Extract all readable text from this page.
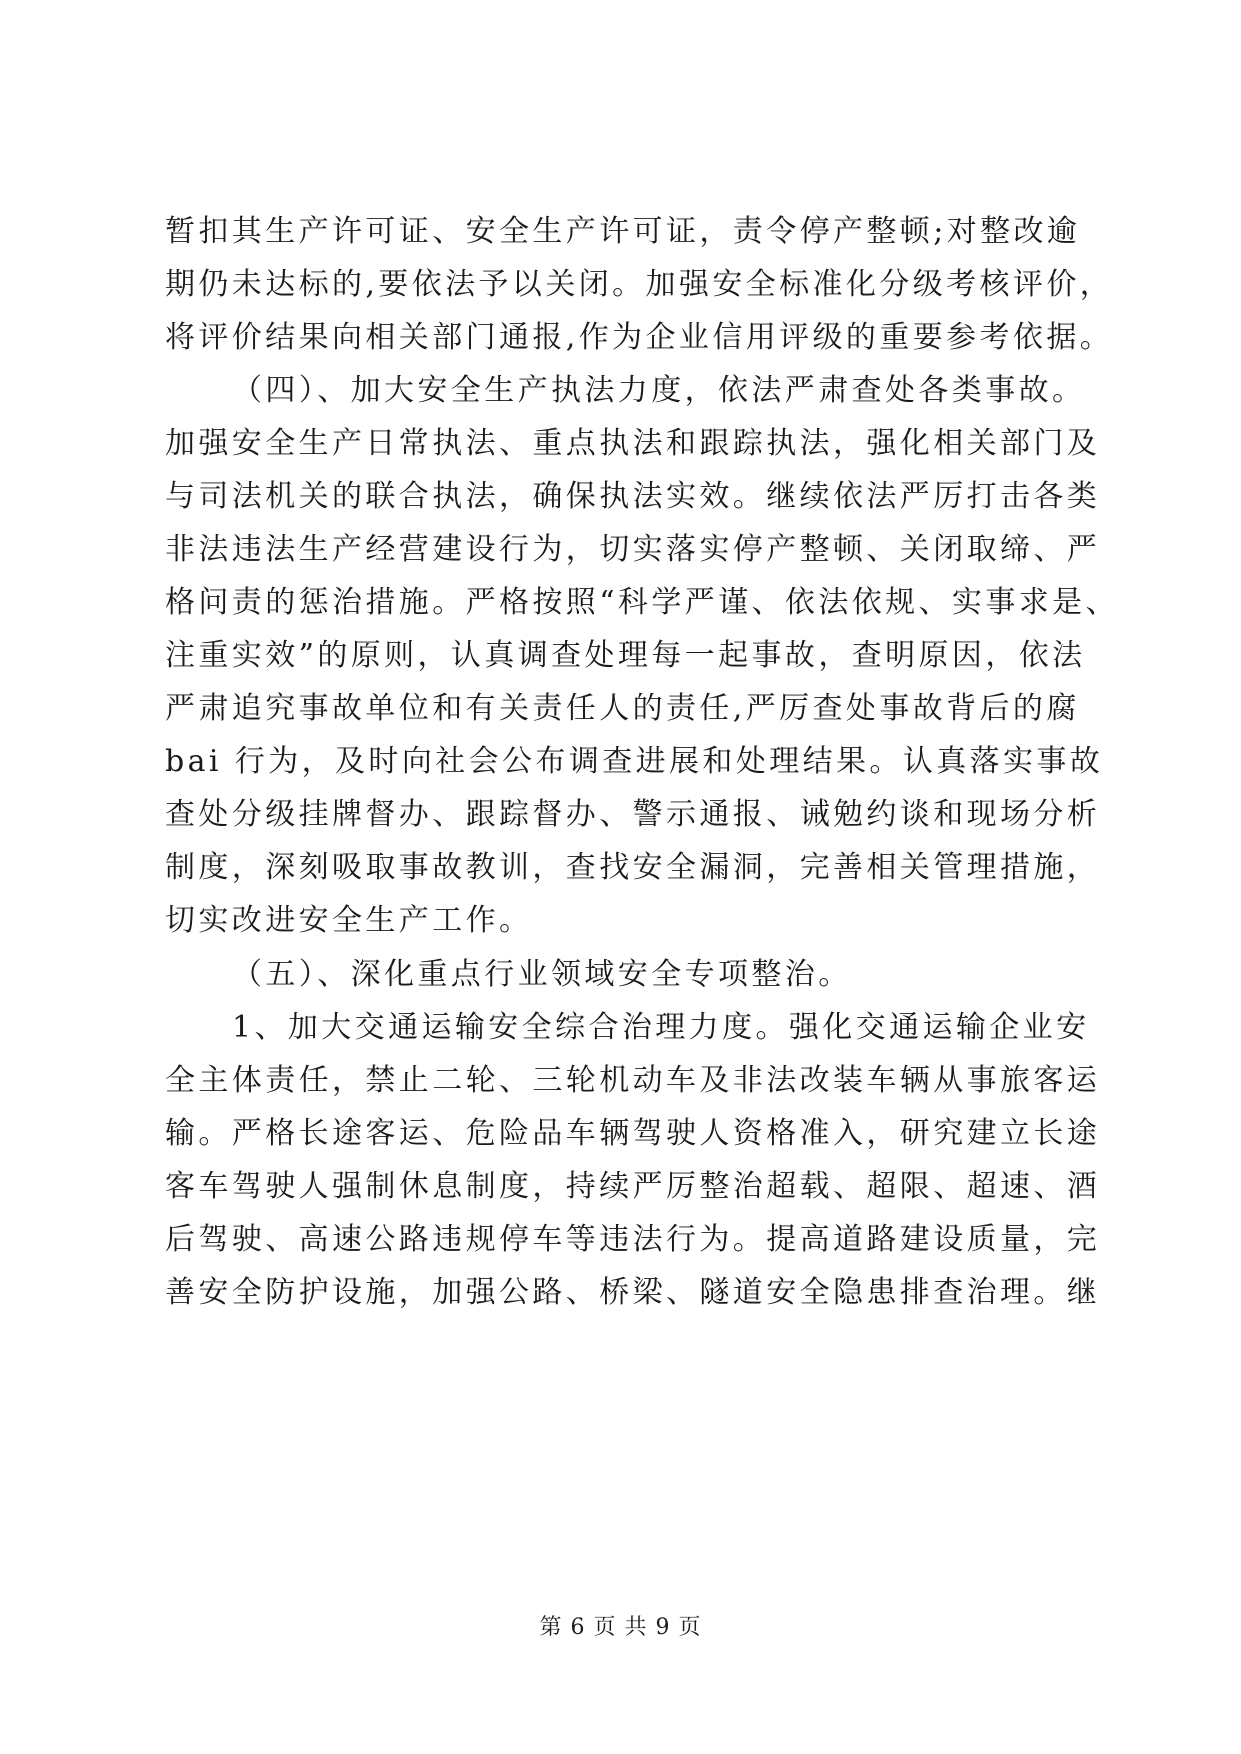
暂扣其生产许可证、安全生产许可证，责令停产整顿;对整改逾
期仍未达标的,要依法予以关闭。加强安全标准化分级考核评价，
将评价结果向相关部门通报,作为企业信用评级的重要参考依据。
（四）、加大安全生产执法力度，依法严肃查处各类事故。
加强安全生产日常执法、重点执法和跟踪执法，强化相关部门及
与司法机关的联合执法，确保执法实效。继续依法严厉打击各类
非法违法生产经营建设行为，切实落实停产整顿、关闭取缔、严
格问责的惩治措施。严格按照“科学严谨、依法依规、实事求是、
注重实效”的原则，认真调查处理每一起事故，查明原因，依法
严肃追究事故单位和有关责任人的责任,严厉查处事故背后的腐
bai 行为，及时向社会公布调查进展和处理结果。认真落实事故
查处分级挂牌督办、跟踪督办、警示通报、诫勉约谈和现场分析
制度，深刻吸取事故教训，查找安全漏洞，完善相关管理措施，
切实改进安全生产工作。
（五）、深化重点行业领域安全专项整治。
1、加大交通运输安全综合治理力度。强化交通运输企业安
全主体责任，禁止二轮、三轮机动车及非法改装车辆从事旅客运
输。严格长途客运、危险品车辆驾驶人资格准入，研究建立长途
客车驾驶人强制休息制度，持续严厉整治超载、超限、超速、酒
后驾驶、高速公路违规停车等违法行为。提高道路建设质量，完
善安全防护设施，加强公路、桥梁、隧道安全隐患排查治理。继
第 6 页 共 9 页
